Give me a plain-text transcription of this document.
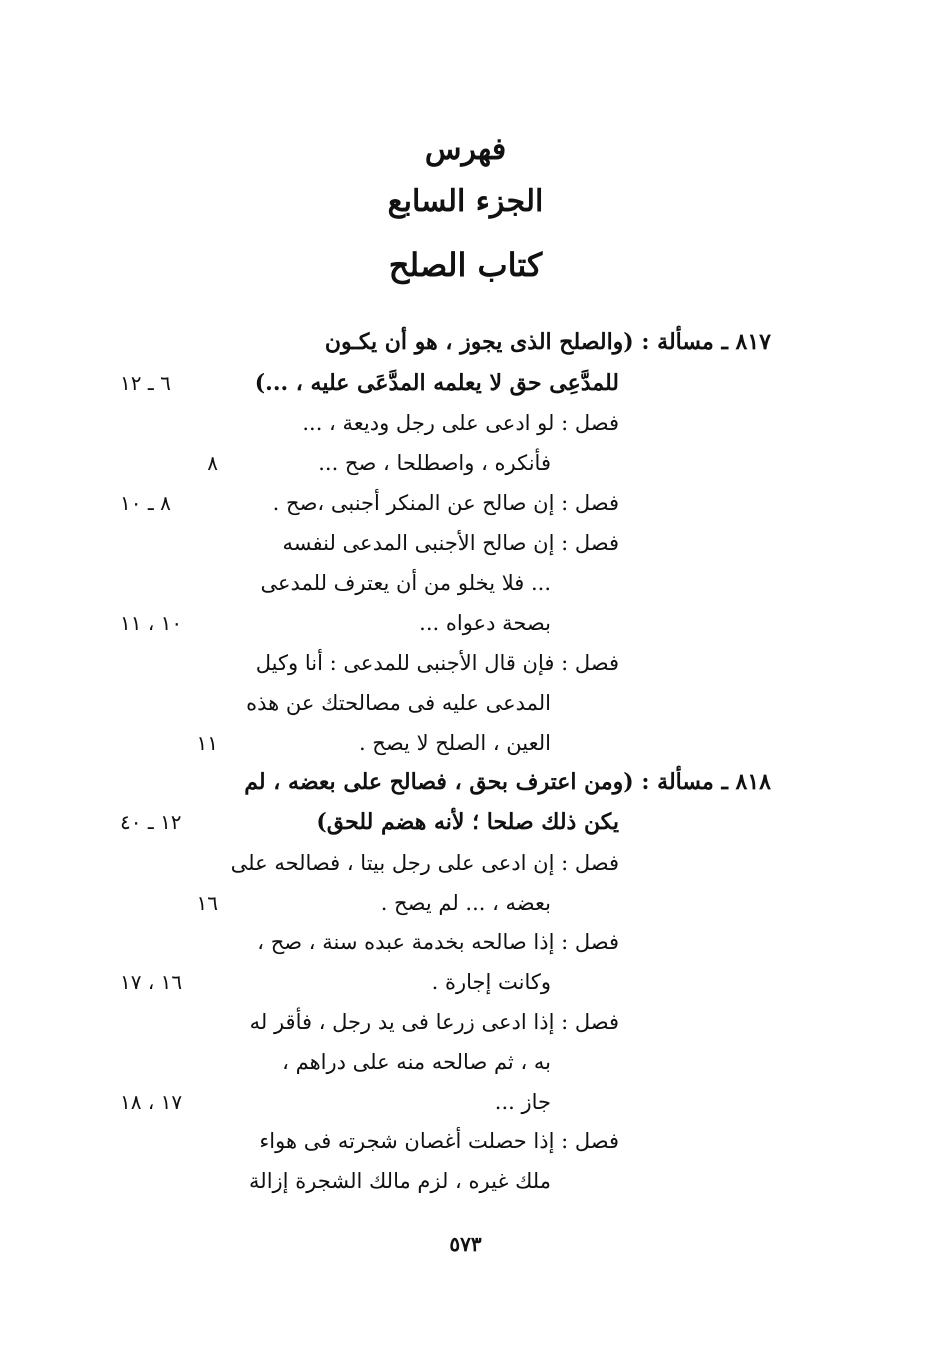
فهرس
الجزء السابع
كتاب الصلح
٨١٧ ـ مسألة : (والصلح الذى يجوز ، هو أن يكـون
للمدَّعِى حق لا يعلمه المدَّعَى عليه ، ...)
٦ ـ ١٢
فصل : لو ادعى على رجل وديعة ، ...
فأنكره ، واصطلحا ، صح ...
٨
فصل : إن صالح عن المنكر أجنبى ،صح .
٨ ـ ١٠
فصل : إن صالح الأجنبى المدعى لنفسه
... فلا يخلو من أن يعترف للمدعى
بصحة دعواه ...
١٠ ، ١١
فصل : فإن قال الأجنبى للمدعى : أنا وكيل
المدعى عليه فى مصالحتك عن هذه
العين ، الصلح لا يصح .
١١
٨١٨ ـ مسألة : (ومن اعترف بحق ، فصالح على بعضه ، لم
يكن ذلك صلحا ؛ لأنه هضم للحق)
١٢ ـ ٤٠
فصل : إن ادعى على رجل بيتا ، فصالحه على
بعضه ، ... لم يصح .
١٦
فصل : إذا صالحه بخدمة عبده سنة ، صح ،
وكانت إجارة .
١٦ ، ١٧
فصل : إذا ادعى زرعا فى يد رجل ، فأقر له
به ، ثم صالحه منه على دراهم ،
جاز ...
١٧ ، ١٨
فصل : إذا حصلت أغصان شجرته فى هواء
ملك غيره ، لزم مالك الشجرة إزالة
٥٧٣
